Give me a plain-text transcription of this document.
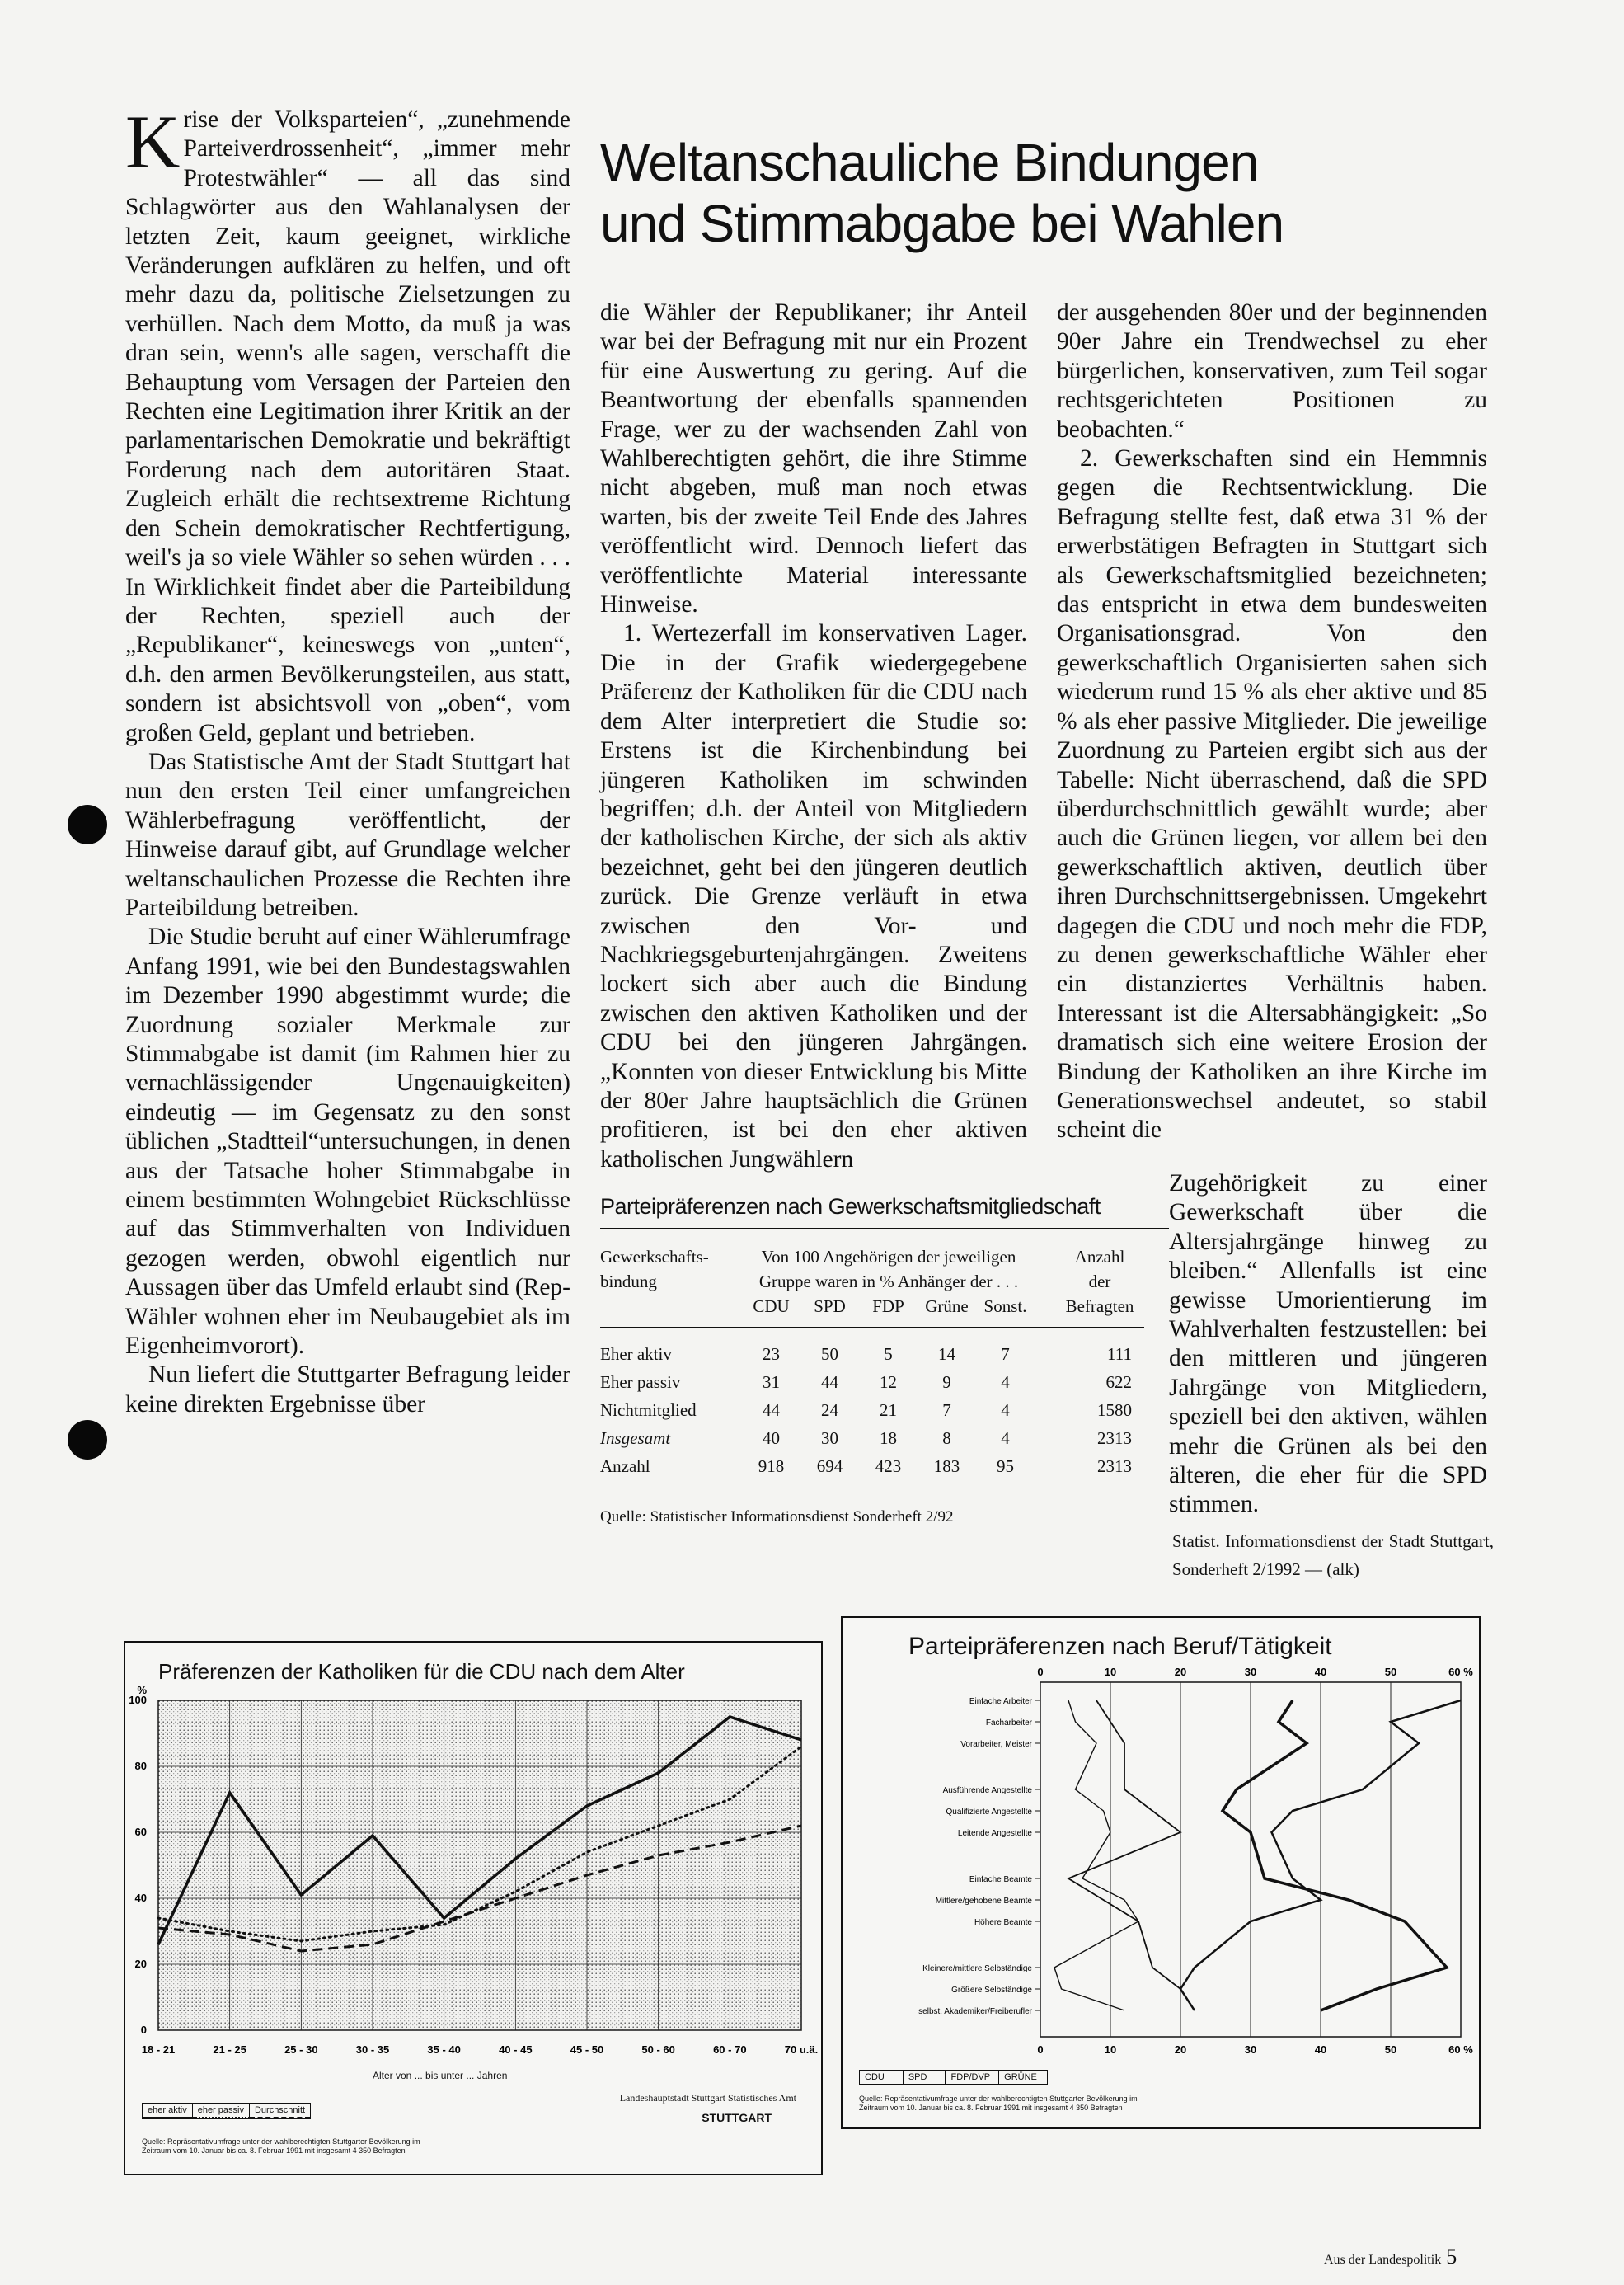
Weltanschauliche Bindungen
und Stimmabgabe bei Wahlen

Krise der Volksparteien“, „zunehmende Parteiverdrossenheit“, „immer mehr Protestwähler“ — all das sind Schlagwörter aus den Wahlanalysen der letzten Zeit, kaum geeignet, wirkliche Veränderungen aufklären zu helfen, und oft mehr dazu da, politische Zielsetzungen zu verhüllen. Nach dem Motto, da muß ja was dran sein, wenn's alle sagen, verschafft die Behauptung vom Versagen der Parteien den Rechten eine Legitimation ihrer Kritik an der parlamentarischen Demokratie und bekräftigt Forderung nach dem autoritären Staat. Zugleich erhält die rechtsextreme Richtung den Schein demokratischer Rechtfertigung, weil's ja so viele Wähler so sehen würden . . . In Wirklichkeit findet aber die Parteibildung der Rechten, speziell auch der „Republikaner“, keineswegs von „unten“, d.h. den armen Bevölkerungsteilen, aus statt, sondern ist absichtsvoll von „oben“, vom großen Geld, geplant und betrieben.

Das Statistische Amt der Stadt Stuttgart hat nun den ersten Teil einer umfangreichen Wählerbefragung veröffentlicht, der Hinweise darauf gibt, auf Grundlage welcher weltanschaulichen Prozesse die Rechten ihre Parteibildung betreiben.

Die Studie beruht auf einer Wählerumfrage Anfang 1991, wie bei den Bundestagswahlen im Dezember 1990 abgestimmt wurde; die Zuordnung sozialer Merkmale zur Stimmabgabe ist damit (im Rahmen hier zu vernachlässigender Ungenauigkeiten) eindeutig — im Gegensatz zu den sonst üblichen „Stadtteil“untersuchungen, in denen aus der Tatsache hoher Stimmabgabe in einem bestimmten Wohngebiet Rückschlüsse auf das Stimmverhalten von Individuen gezogen werden, obwohl eigentlich nur Aussagen über das Umfeld erlaubt sind (Rep-Wähler wohnen eher im Neubaugebiet als im Eigenheimvorort).

Nun liefert die Stuttgarter Befragung leider keine direkten Ergebnisse über

die Wähler der Republikaner; ihr Anteil war bei der Befragung mit nur ein Prozent für eine Auswertung zu gering. Auf die Beantwortung der ebenfalls spannenden Frage, wer zu der wachsenden Zahl von Wahlberechtigten gehört, die ihre Stimme nicht abgeben, muß man noch etwas warten, bis der zweite Teil Ende des Jahres veröffentlicht wird. Dennoch liefert das veröffentlichte Material interessante Hinweise.

1. Wertezerfall im konservativen Lager. Die in der Grafik wiedergegebene Präferenz der Katholiken für die CDU nach dem Alter interpretiert die Studie so: Erstens ist die Kirchenbindung bei jüngeren Katholiken im schwinden begriffen; d.h. der Anteil von Mitgliedern der katholischen Kirche, der sich als aktiv bezeichnet, geht bei den jüngeren deutlich zurück. Die Grenze verläuft in etwa zwischen den Vor- und Nachkriegsgeburtenjahrgängen. Zweitens lockert sich aber auch die Bindung zwischen den aktiven Katholiken und der CDU bei den jüngeren Jahrgängen. „Konnten von dieser Entwicklung bis Mitte der 80er Jahre hauptsächlich die Grünen profitieren, ist bei den eher aktiven katholischen Jungwählern

der ausgehenden 80er und der beginnenden 90er Jahre ein Trendwechsel zu eher bürgerlichen, konservativen, zum Teil sogar rechtsgerichteten Positionen zu beobachten.“

2. Gewerkschaften sind ein Hemmnis gegen die Rechtsentwicklung. Die Befragung stellte fest, daß etwa 31 % der erwerbstätigen Befragten in Stuttgart sich als Gewerkschaftsmitglied bezeichneten; das entspricht in etwa dem bundesweiten Organisationsgrad. Von den gewerkschaftlich Organisierten sahen sich wiederum rund 15 % als eher aktive und 85 % als eher passive Mitglieder. Die jeweilige Zuordnung zu Parteien ergibt sich aus der Tabelle: Nicht überraschend, daß die SPD überdurchschnittlich gewählt wurde; aber auch die Grünen liegen, vor allem bei den gewerkschaftlich aktiven, deutlich über ihren Durchschnittsergebnissen. Umgekehrt dagegen die CDU und noch mehr die FDP, zu denen gewerkschaftliche Wähler eher ein distanziertes Verhältnis haben. Interessant ist die Altersabhängigkeit: „So dramatisch sich eine weitere Erosion der Bindung der Katholiken an ihre Kirche im Generationswechsel andeutet, so stabil scheint die

Zugehörigkeit zu einer Gewerkschaft über die Altersjahrgänge hinweg zu bleiben.“ Allenfalls ist eine gewisse Umorientierung im Wahlverhalten festzustellen: bei den mittleren und jüngeren Jahrgänge von Mitgliedern, speziell bei den aktiven, wählen mehr die Grünen als bei den älteren, die eher für die SPD stimmen.

Statist. Informationsdienst der Stadt Stuttgart, Sonderheft 2/1992 — (alk)
Parteipräferenzen nach Gewerkschaftsmitgliedschaft
Gewerkschafts-
bindung
Von 100 Angehörigen der jeweiligen
Gruppe waren in % Anhänger der . . .
Anzahl
der
Befragten
CDU	SPD	FDP	Grüne Sonst.
Eher aktiv	23	50	5	14	7	111
Eher passiv	31	44	12	9	4	622
Nichtmitglied	44	24	21	7	4	1580
Insgesamt	40	30	18	8	4	2313
Anzahl	918	694	423	183	95	2313
Quelle: Statistischer Informationsdienst Sonderheft 2/92
Präferenzen der Katholiken für die CDU nach dem Alter
18 - 21	21 - 25	25 - 30	30 - 35	35 - 40	40 - 45	45 - 50	50 - 60	60 - 70	70 u.ä.
0
20
40
60
80
100
%
Alter von ... bis unter ... Jahren
Landeshauptstadt Stuttgart Statistisches Amt
STUTTGART
eher aktiv	eher passiv	Durchschnitt
Quelle: Repräsentativumfrage unter der wahlberechtigten Stuttgarter Bevölkerung im
Zeitraum vom 10. Januar bis ca. 8. Februar 1991 mit insgesamt 4 350 Befragten
Parteipräferenzen nach Beruf/Tätigkeit
0
0
10
10
20
20
30
30
40
40
50
50
60 %
60 %
Einfache Arbeiter
Facharbeiter
Vorarbeiter, Meister
Ausführende Angestellte
Qualifizierte Angestellte
Leitende Angestellte
Einfache Beamte
Mittlere/gehobene Beamte
Höhere Beamte
Kleinere/mittlere Selbständige
Größere Selbständige
selbst. Akademiker/Freiberufler
CDU	SPD	FDP/DVP	GRÜNE
Quelle: Repräsentativumfrage unter der wahlberechtigten Stuttgarter Bevölkerung im
Zeitraum vom 10. Januar bis ca. 8. Februar 1991 mit insgesamt 4 350 Befragten
Aus der Landespolitik 5
